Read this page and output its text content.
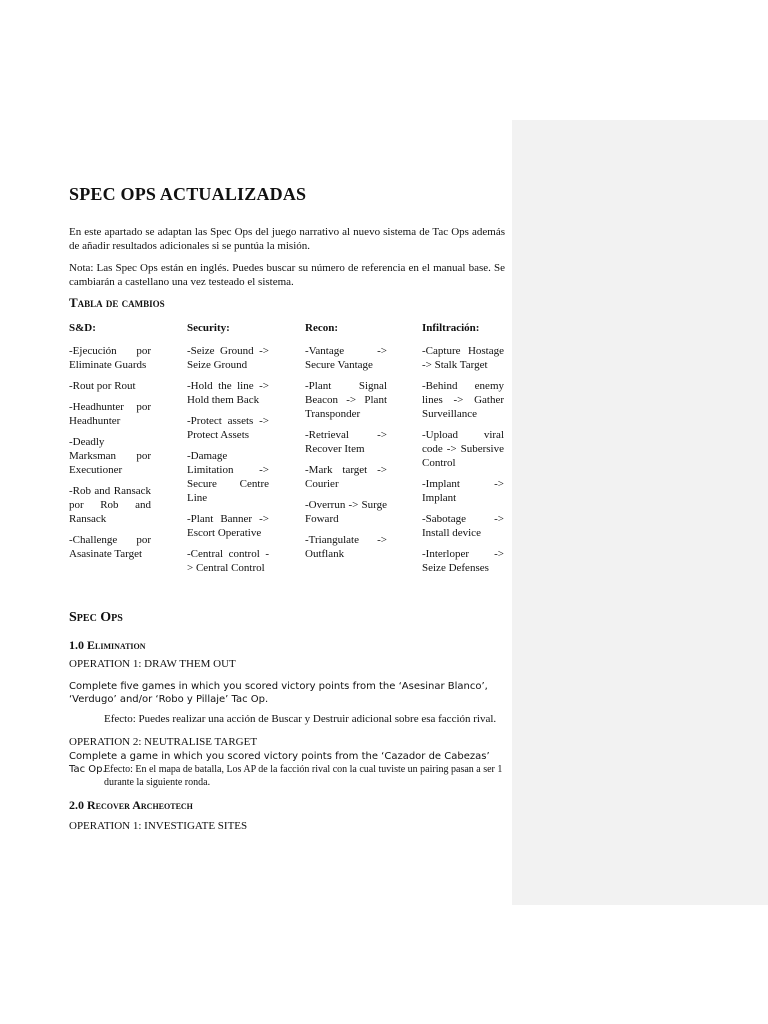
SPEC OPS ACTUALIZADAS
En este apartado se adaptan las Spec Ops del juego narrativo al nuevo sistema de Tac Ops además de añadir resultados adicionales si se puntúa la misión.
Nota: Las Spec Ops están en inglés. Puedes buscar su número de referencia en el manual base. Se cambiarán a castellano una vez testeado el sistema.
Tabla de cambios
S&D:
-Ejecución por Eliminate Guards
-Rout por Rout
-Headhunter por Headhunter
-Deadly Marksman por Executioner
-Rob and Ransack por Rob and Ransack
-Challenge por Asasinate Target
Security:
-Seize Ground -> Seize Ground
-Hold the line -> Hold them Back
-Protect assets -> Protect Assets
-Damage Limitation -> Secure Centre Line
-Plant Banner -> Escort Operative
-Central control -> Central Control
Recon:
-Vantage -> Secure Vantage
-Plant Signal Beacon -> Plant Transponder
-Retrieval -> Recover Item
-Mark target -> Courier
-Overrun -> Surge Foward
-Triangulate -> Outflank
Infiltración:
-Capture Hostage -> Stalk Target
-Behind enemy lines -> Gather Surveillance
-Upload viral code -> Subersive Control
-Implant -> Implant
-Sabotage -> Install device
-Interloper -> Seize Defenses
Spec Ops
1.0 Elimination
OPERATION 1: DRAW THEM OUT
Complete five games in which you scored victory points from the ‘Asesinar Blanco’, ‘Verdugo’ and/or ‘Robo y Pillaje’ Tac Op.
Efecto: Puedes realizar una acción de Buscar y Destruir adicional sobre esa facción rival.
OPERATION 2: NEUTRALISE TARGET
Complete a game in which you scored victory points from the ‘Cazador de Cabezas’ Tac Op.
Efecto: En el mapa de batalla, Los AP de la facción rival con la cual tuviste un pairing pasan a ser 1 durante la siguiente ronda.
2.0 Recover Archeotech
OPERATION 1: INVESTIGATE SITES
